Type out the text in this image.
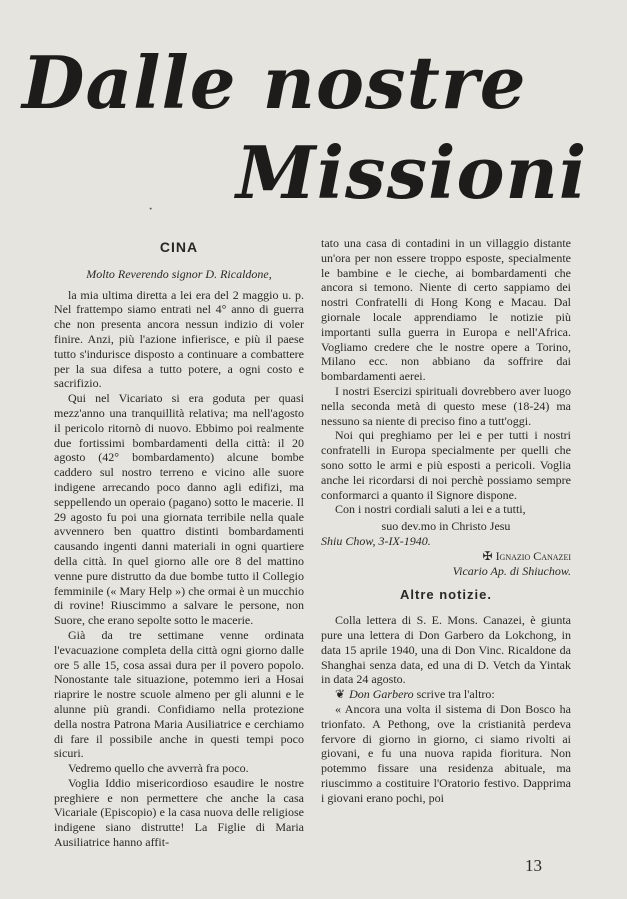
Dalle nostre
Missioni
·
CINA
Molto Reverendo signor D. Ricaldone,

la mia ultima diretta a lei era del 2 maggio u. p. Nel frattempo siamo entrati nel 4° anno di guerra che non presenta ancora nessun indizio di voler finire. Anzi, più l'azione infierisce, e più il paese tutto s'indurisce disposto a continuare a combattere per la sua difesa a tutto potere, a ogni costo e sacrifizio.

Qui nel Vicariato si era goduta per quasi mezz'anno una tranquillità relativa; ma nell'agosto il pericolo ritornò di nuovo. Ebbimo poi realmente due fortissimi bombardamenti della città: il 20 agosto (42° bombardamento) alcune bombe caddero sul nostro terreno e vicino alle suore indigene arrecando poco danno agli edifizi, ma seppellendo un operaio (pagano) sotto le macerie. Il 29 agosto fu poi una giornata terribile nella quale avvennero ben quattro distinti bombardamenti causando ingenti danni materiali in ogni quartiere della città. In quel giorno alle ore 8 del mattino venne pure distrutto da due bombe tutto il Collegio femminile (« Mary Help ») che ormai è un mucchio di rovine! Riuscimmo a salvare le persone, non Suore, che erano sepolte sotto le macerie.

Già da tre settimane venne ordinata l'evacuazione completa della città ogni giorno dalle ore 5 alle 15, cosa assai dura per il povero popolo. Nonostante tale situazione, potemmo ieri a Hosai riaprire le nostre scuole almeno per gli alunni e le alunne più grandi. Confidiamo nella protezione della nostra Patrona Maria Ausiliatrice e cerchiamo di fare il possibile anche in questi tempi poco sicuri.

Vedremo quello che avverrà fra poco.

Voglia Iddio misericordioso esaudire le nostre preghiere e non permettere che anche la casa Vicariale (Episcopio) e la casa nuova delle religiose indigene siano distrutte! La Figlie di Maria Ausiliatrice hanno affit-

tato una casa di contadini in un villaggio distante un'ora per non essere troppo esposte, specialmente le bambine e le cieche, ai bombardamenti che ancora si temono. Niente di certo sappiamo dei nostri Confratelli di Hong Kong e Macau. Dal giornale locale apprendiamo le notizie più importanti sulla guerra in Europa e nell'Africa. Vogliamo credere che le nostre opere a Torino, Milano ecc. non abbiano da soffrire dai bombardamenti aerei.

I nostri Esercizi spirituali dovrebbero aver luogo nella seconda metà di questo mese (18-24) ma nessuno sa niente di preciso fino a tutt'oggi.

Noi qui preghiamo per lei e per tutti i nostri confratelli in Europa specialmente per quelli che sono sotto le armi e più esposti a pericoli. Voglia anche lei ricordarsi di noi perchè possiamo sempre conformarci a quanto il Signore dispone.

Con i nostri cordiali saluti a lei e a tutti,

suo dev.mo in Christo Jesu
Shiu Chow, 3-IX-1940.
✠ Ignazio Canazei
Vicario Ap. di Shiuchow.
Altre notizie.

Colla lettera di S. E. Mons. Canazei, è giunta pure una lettera di Don Garbero da Lokchong, in data 15 aprile 1940, una di Don Vinc. Ricaldone da Shanghai senza data, ed una di D. Vetch da Yintak in data 24 agosto.

❦ Don Garbero scrive tra l'altro:

« Ancora una volta il sistema di Don Bosco ha trionfato. A Pethong, ove la cristianità perdeva fervore di giorno in giorno, ci siamo rivolti ai giovani, e fu una nuova rapida fioritura. Non potemmo fissare una residenza abituale, ma riuscimmo a costituire l'Oratorio festivo. Dapprima i giovani erano pochi, poi

13
